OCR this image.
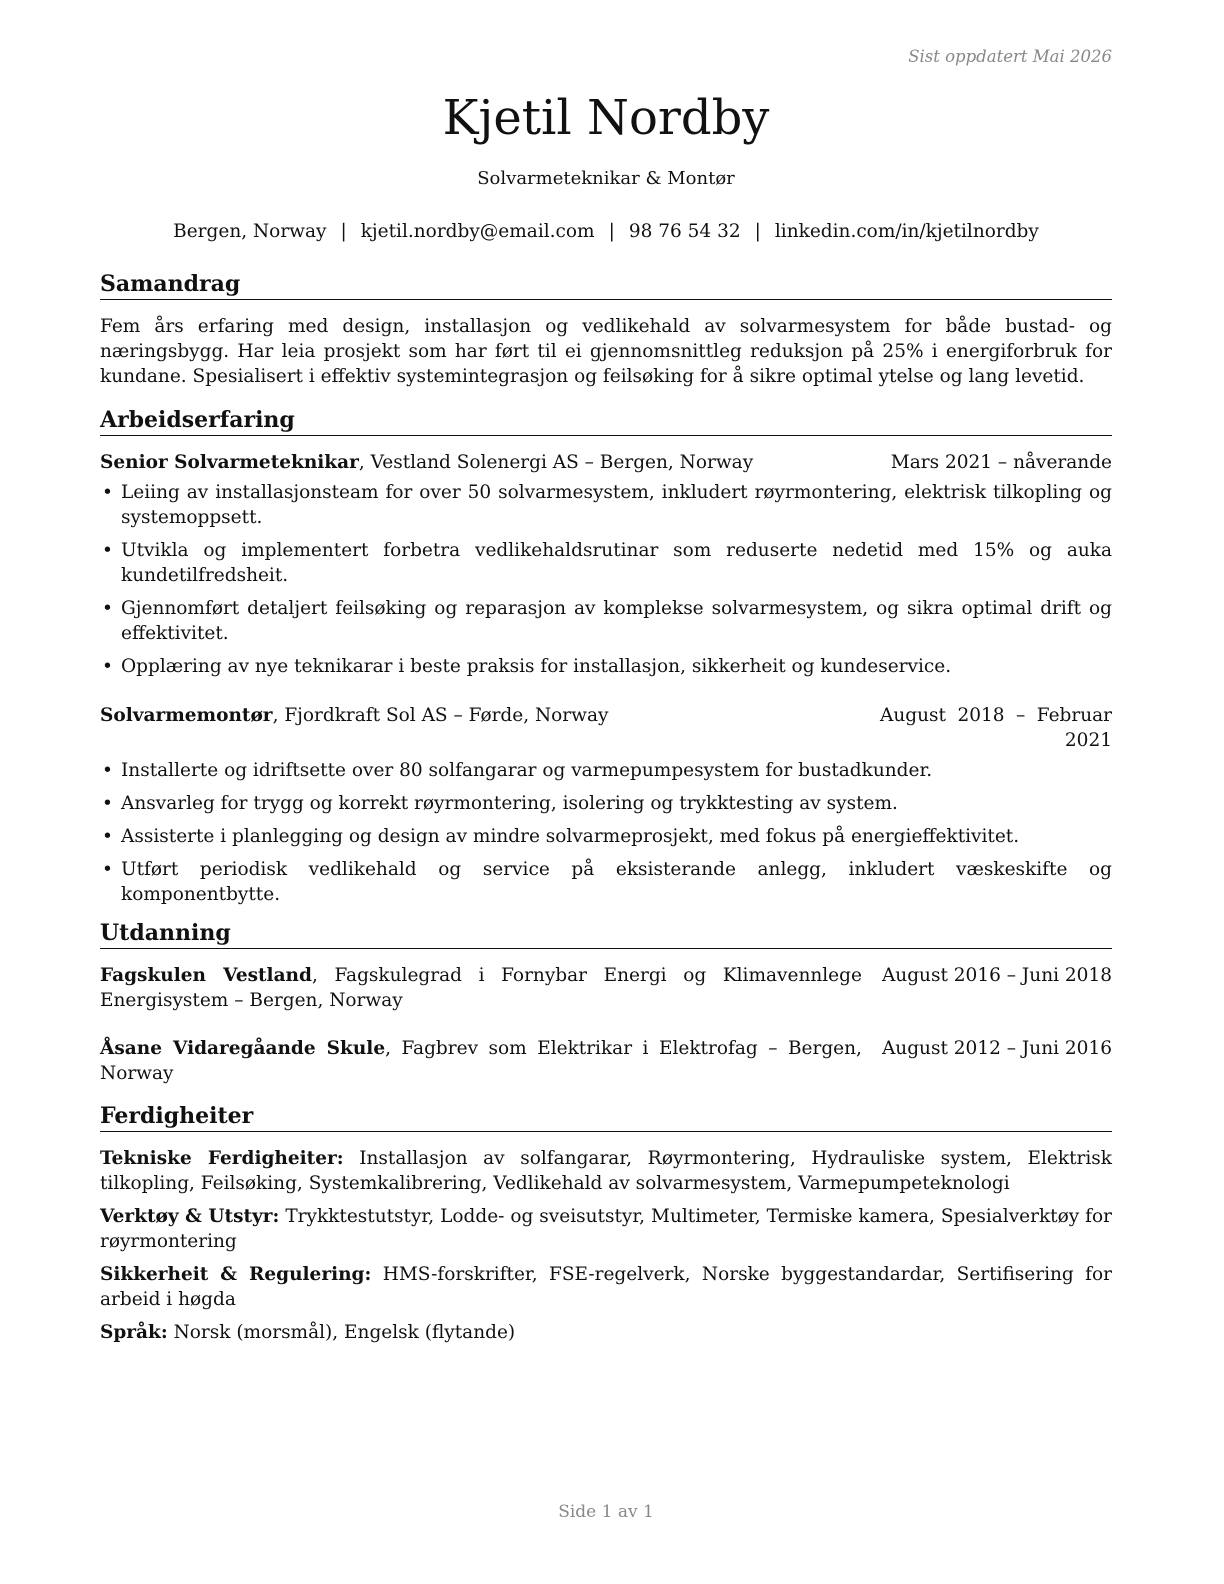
Sist oppdatert Mai 2026
Kjetil Nordby
Solvarmeteknikar & Montør
Bergen, Norway | kjetil.nordby@email.com | 98 76 54 32 | linkedin.com/in/kjetilnordby
Samandrag

Fem års erfaring med design, installasjon og vedlikehald av solvarmesystem for både bustad- og næringsbygg. Har leia prosjekt som har ført til ei gjennomsnittleg reduksjon på 25% i energiforbruk for kundane. Spesialisert i effektiv systemintegrasjon og feilsøking for å sikre optimal ytelse og lang levetid.

Arbeidserfaring
Senior Solvarmeteknikar, Vestland Solenergi AS – Bergen, Norway	Mars 2021 – nåverande
• Leiing av installasjonsteam for over 50 solvarmesystem, inkludert røyrmontering, elektrisk tilkopling og systemoppsett.
• Utvikla og implementert forbetra vedlikehaldsrutinar som reduserte nedetid med 15% og auka kundetilfredsheit.
• Gjennomført detaljert feilsøking og reparasjon av komplekse solvarmesystem, og sikra optimal drift og effektivitet.
• Opplæring av nye teknikarar i beste praksis for installasjon, sikkerheit og kundeservice.
Solvarmemontør, Fjordkraft Sol AS – Førde, Norway	August 2018 – Februar 2021
• Installerte og idriftsette over 80 solfangarar og varmepumpesystem for bustadkunder.
• Ansvarleg for trygg og korrekt røyrmontering, isolering og trykktesting av system.
• Assisterte i planlegging og design av mindre solvarmeprosjekt, med fokus på energieffektivitet.
• Utført periodisk vedlikehald og service på eksisterande anlegg, inkludert væskeskifte og komponentbytte.
Utdanning
Fagskulen Vestland, Fagskulegrad i Fornybar Energi og Klimavennlege Energisystem – Bergen, Norway
August 2016 – Juni 2018
Åsane Vidaregåande Skule, Fagbrev som Elektrikar i Elektrofag – Bergen, Norway
August 2012 – Juni 2016
Ferdigheiter

Tekniske Ferdigheiter: Installasjon av solfangarar, Røyrmontering, Hydrauliske system, Elektrisk tilkopling, Feilsøking, Systemkalibrering, Vedlikehald av solvarmesystem, Varmepumpeteknologi

Verktøy & Utstyr: Trykktestutstyr, Lodde- og sveisutstyr, Multimeter, Termiske kamera, Spesialverktøy for røyrmontering

Sikkerheit & Regulering: HMS-forskrifter, FSE-regelverk, Norske byggestandardar, Sertifisering for arbeid i høgda

Språk: Norsk (morsmål), Engelsk (flytande)

Side 1 av 1
